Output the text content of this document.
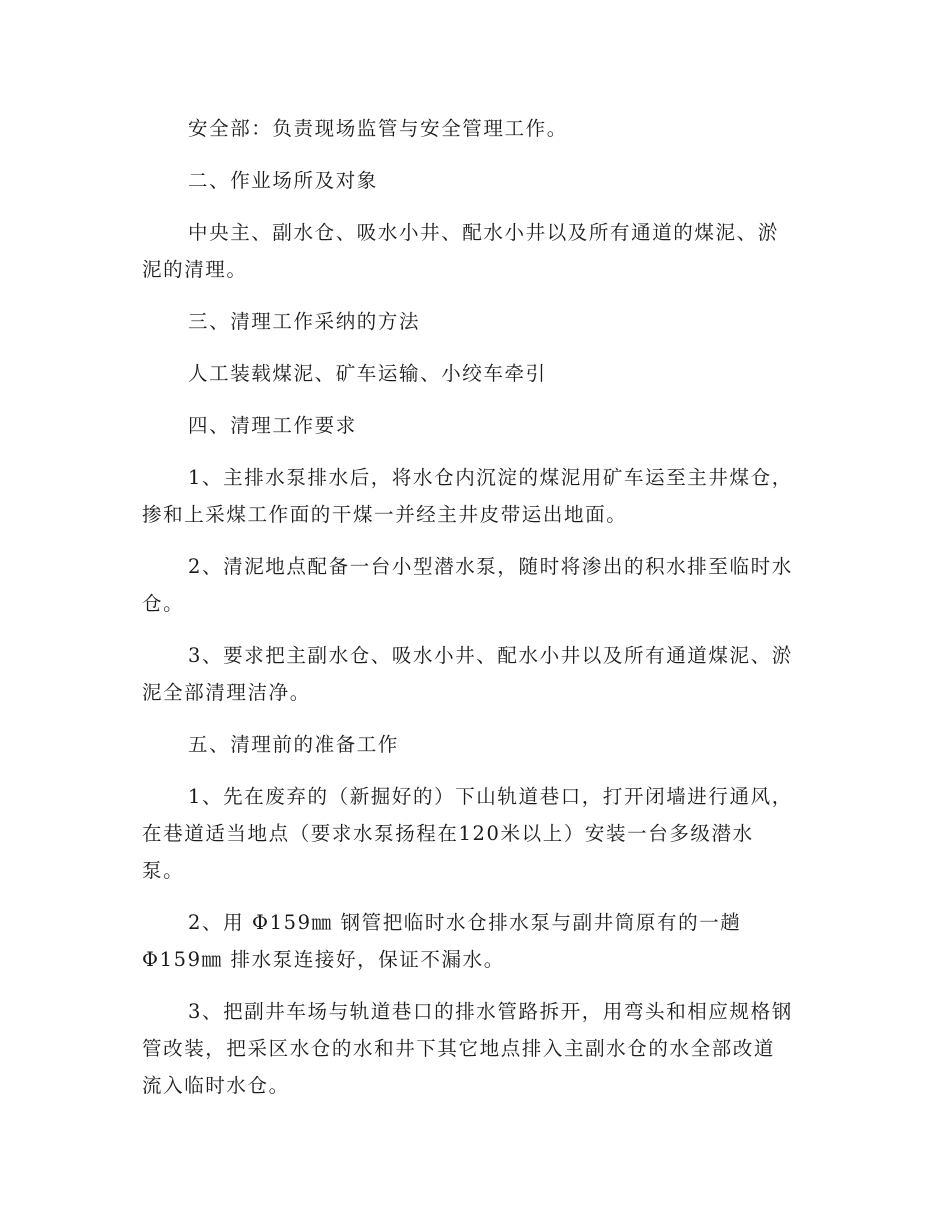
安全部：负责现场监管与安全管理工作。

二、作业场所及对象

中央主、副水仓、吸水小井、配水小井以及所有通道的煤泥、淤
泥的清理。

三、清理工作采纳的方法

人工装载煤泥、矿车运输、小绞车牵引

四、清理工作要求

1、主排水泵排水后，将水仓内沉淀的煤泥用矿车运至主井煤仓，
掺和上采煤工作面的干煤一并经主井皮带运出地面。

2、清泥地点配备一台小型潜水泵，随时将渗出的积水排至临时水
仓。

3、要求把主副水仓、吸水小井、配水小井以及所有通道煤泥、淤
泥全部清理洁净。

五、清理前的准备工作

1、先在废弃的（新掘好的）下山轨道巷口，打开闭墙进行通风，
在巷道适当地点（要求水泵扬程在120米以上）安装一台多级潜水
泵。

2、用 Φ159㎜ 钢管把临时水仓排水泵与副井筒原有的一趟
Φ159㎜ 排水泵连接好，保证不漏水。

3、把副井车场与轨道巷口的排水管路拆开，用弯头和相应规格钢
管改装，把采区水仓的水和井下其它地点排入主副水仓的水全部改道
流入临时水仓。
